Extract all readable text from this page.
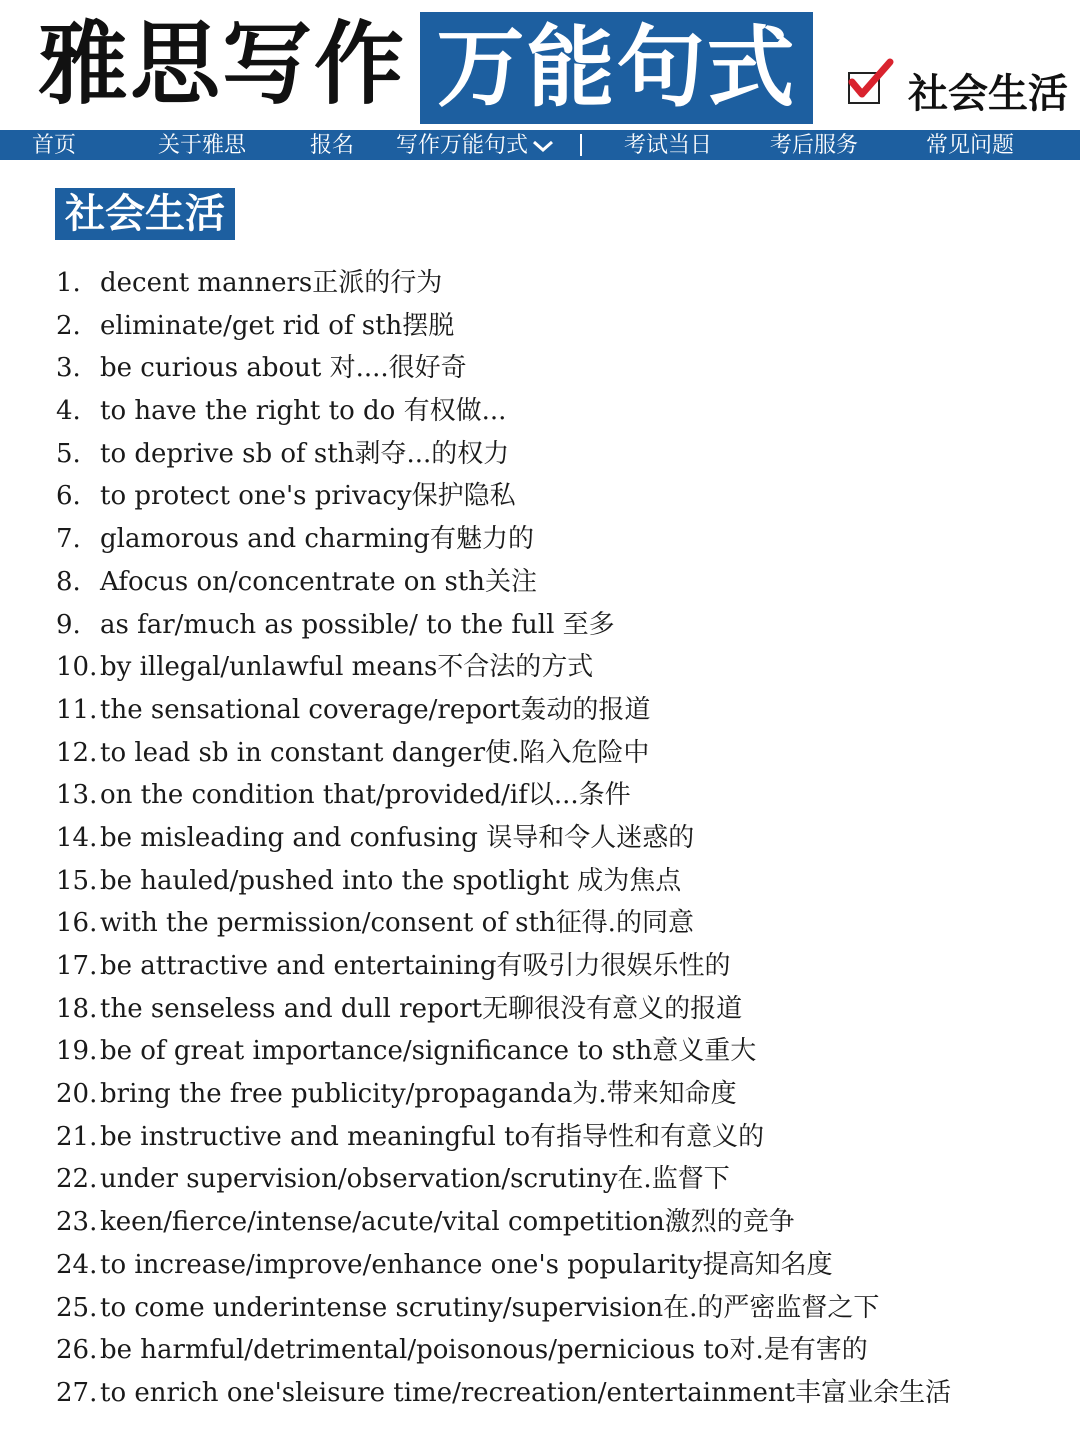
雅思写作 万能句式	社会生活
首页	关于雅思	报名 写作万能句式	考试当日	考后服务	常见问题
社会生活
1. decent manners正派的行为
2. eliminate/get rid of sth摆脱
3. be curious about 对....很好奇
4. to have the right to do 有权做...
5. to deprive sb of sth剥夺...的权力
6. to protect one's privacy保护隐私
7. glamorous and charming有魅力的
8. Afocus on/concentrate on sth关注
9. as far/much as possible/ to the full 至多
10. by illegal/unlawful means不合法的方式
11. the sensational coverage/report轰动的报道
12. to lead sb in constant danger使.陷入危险中
13. on the condition that/provided/if以...条件
14. be misleading and confusing 误导和令人迷惑的
15. be hauled/pushed into the spotlight 成为焦点
16. with the permission/consent of sth征得.的同意
17. be attractive and entertaining有吸引力很娱乐性的
18. the senseless and dull report无聊很没有意义的报道
19. be of great importance/significance to sth意义重大
20. bring the free publicity/propaganda为.带来知命度
21. be instructive and meaningful to有指导性和有意义的
22. under supervision/observation/scrutiny在.监督下
23. keen/fierce/intense/acute/vital competition激烈的竞争
24. to increase/improve/enhance one's popularity提高知名度
25. to come underintense scrutiny/supervision在.的严密监督之下
26. be harmful/detrimental/poisonous/pernicious to对.是有害的
27. to enrich one'sleisure time/recreation/entertainment丰富业余生活
